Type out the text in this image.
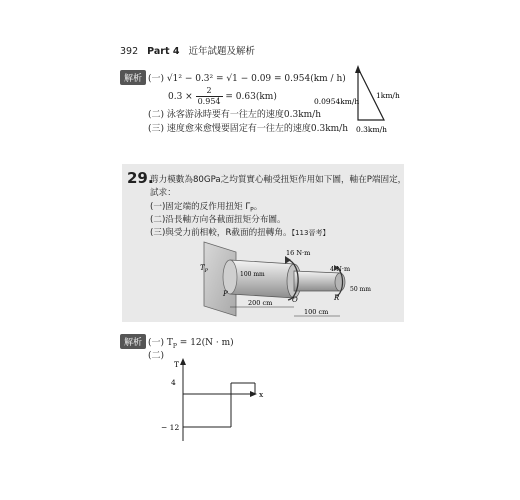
392 Part 4 近年試題及解析
解析 (一) √1² − 0.3² = √1 − 0.09 = 0.954(km / h)
$0.3 \times \frac{2}{0.954} = 0.63(km)$
(二) 泳客游泳時要有一往左的速度0.3km/h
(三) 速度愈來愈慢要固定有一往左的速度0.3km/h
0.0954km/h
1km/h
0.3km/h
29.
剪力模數為80GPa之均質實心軸受扭矩作用如下圖，軸在P端固定，
試求：
(一)固定端的反作用扭矩 $\Gamma_P$。
(二)沿長軸方向各截面扭矩分布圖。
(三)與受力前相較，R截面的扭轉角。【113晉考】
$T_P$
P
O	R
16 N·m
4 N·m
100 mm
50 mm
200 cm
100 cm
解析 (一) $T_P = 12(N \cdot m)$
(二)
T
x
4
− 12
